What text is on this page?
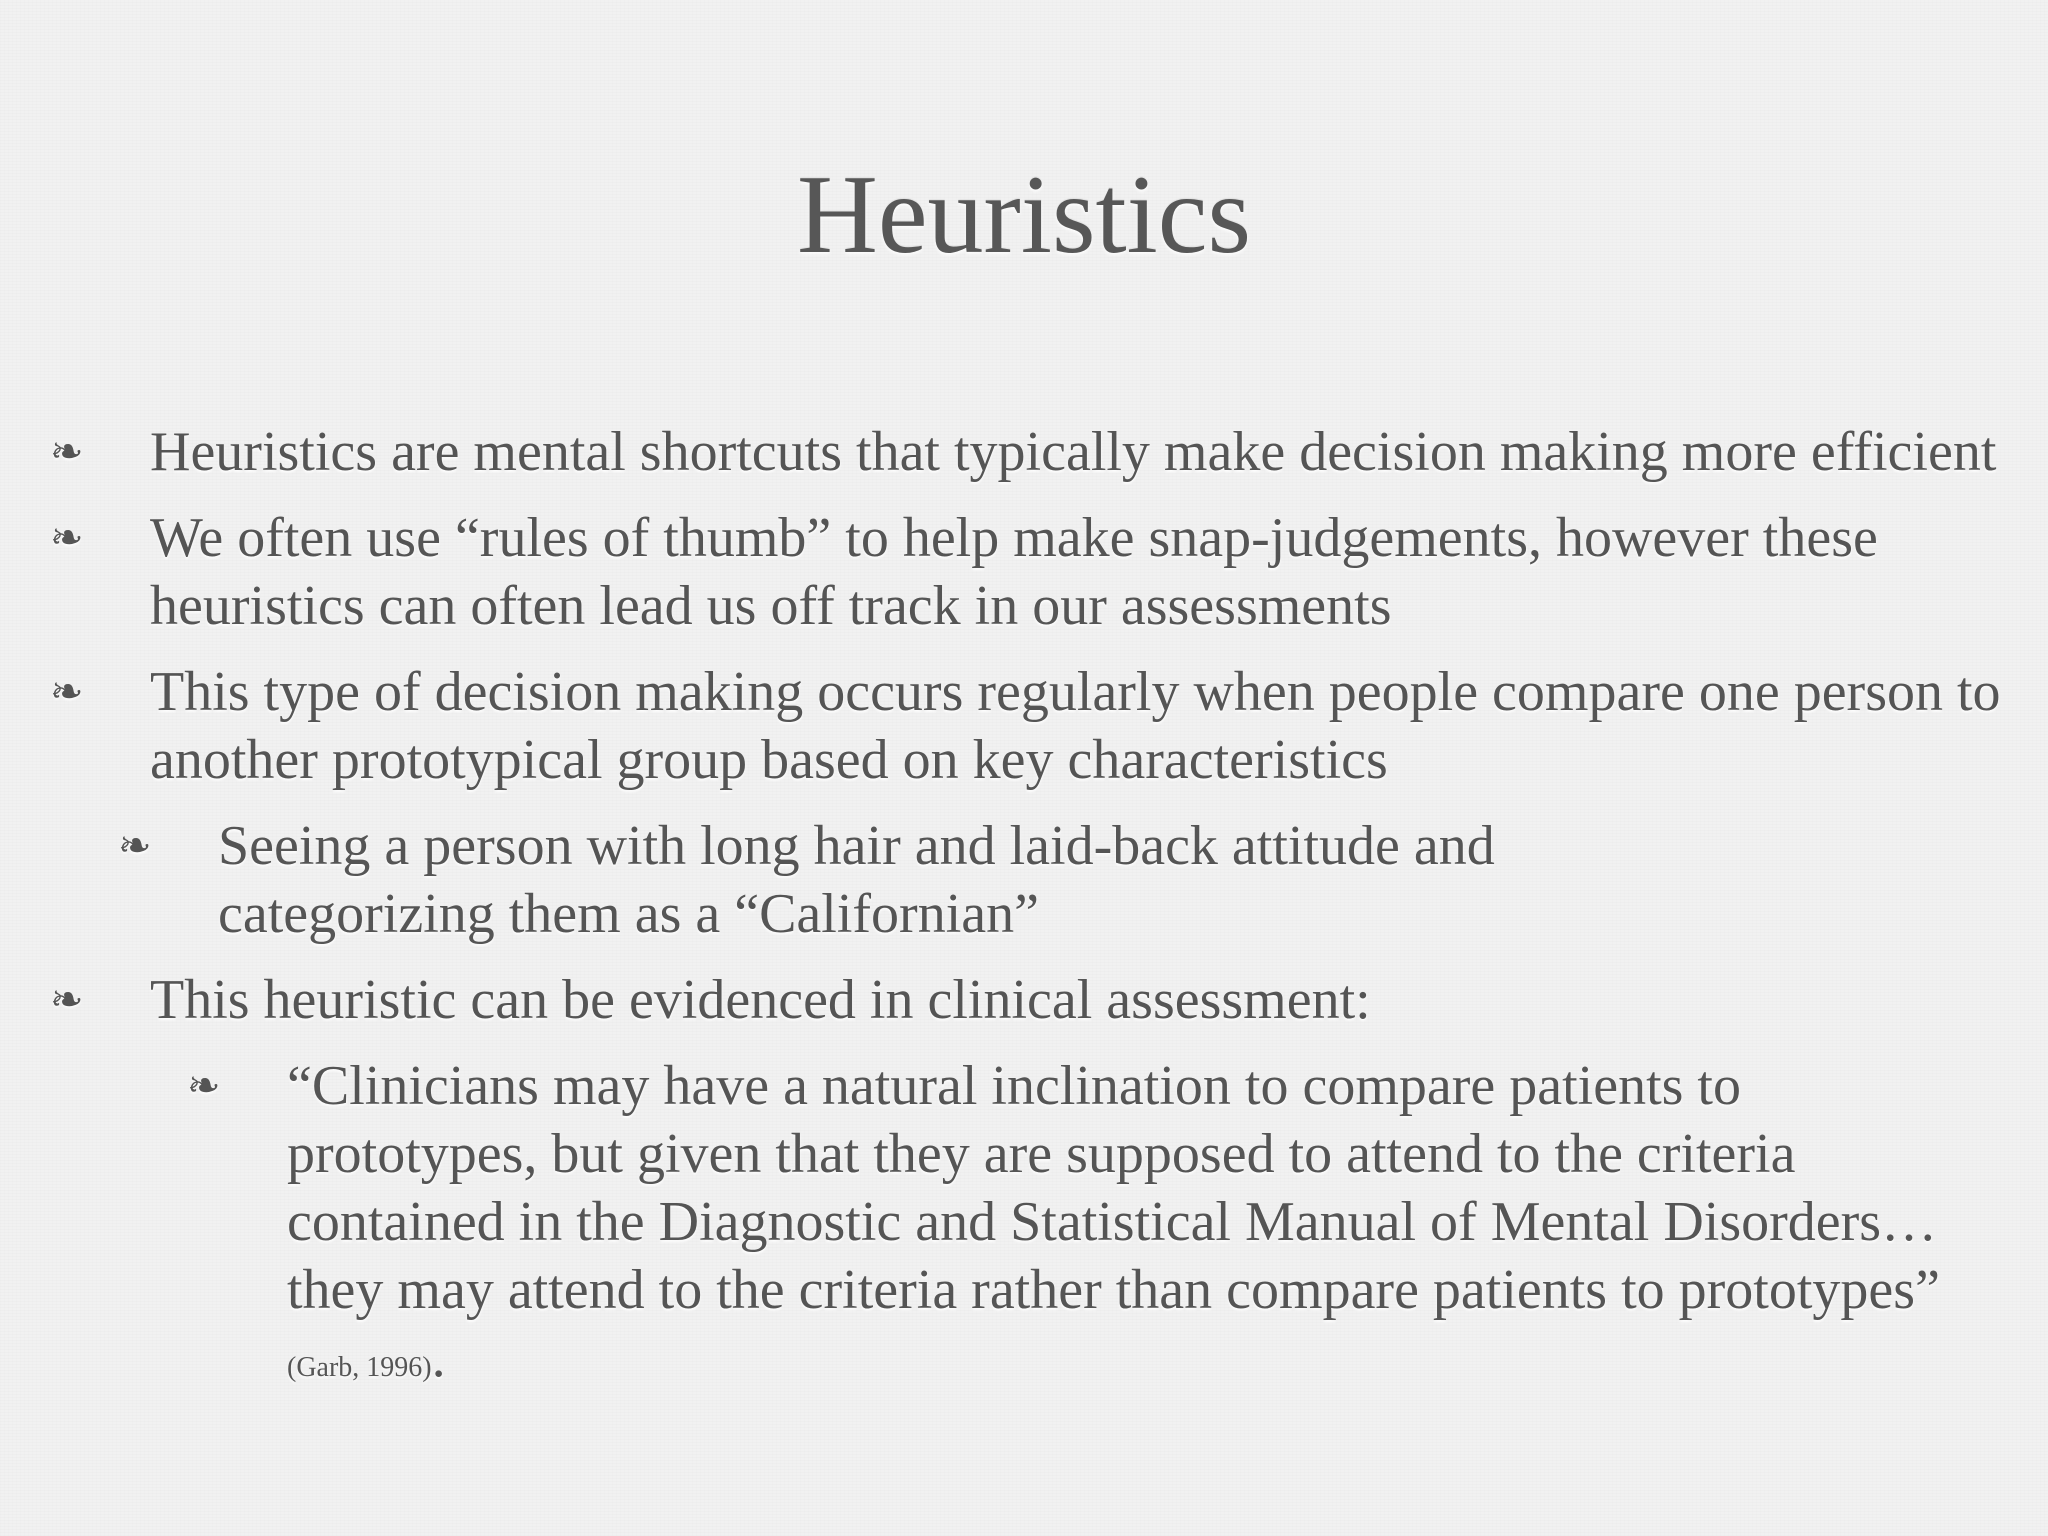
Heuristics
❧ Heuristics are mental shortcuts that typically make decision making more efficient
❧ We often use “rules of thumb” to help make snap-judgements, however these heuristics can often lead us off track in our assessments
❧ This type of decision making occurs regularly when people compare one person to another prototypical group based on key characteristics
❧ Seeing a person with long hair and laid-back attitude and categorizing them as a “Californian”
❧ This heuristic can be evidenced in clinical assessment:
❧ “Clinicians may have a natural inclination to compare patients to prototypes, but given that they are supposed to attend to the criteria contained in the Diagnostic and Statistical Manual of Mental Disorders…they may attend to the criteria rather than compare patients to prototypes” (Garb, 1996).
